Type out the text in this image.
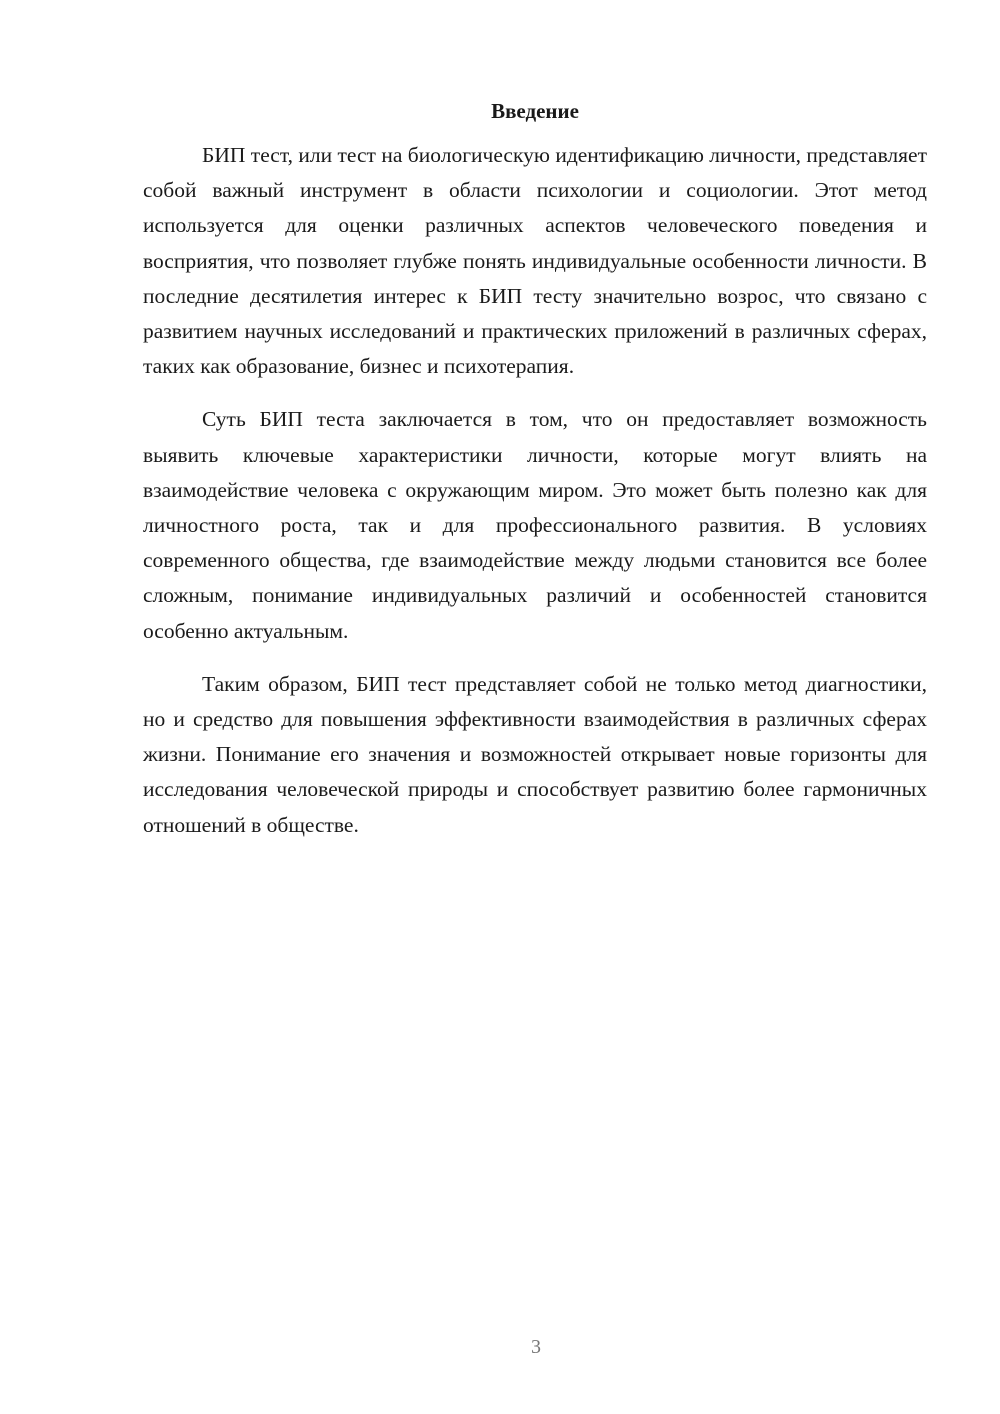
Введение

БИП тест, или тест на биологическую идентификацию личности, представляет собой важный инструмент в области психологии и социологии. Этот метод используется для оценки различных аспектов человеческого поведения и восприятия, что позволяет глубже понять индивидуальные особенности личности. В последние десятилетия интерес к БИП тесту значительно возрос, что связано с развитием научных исследований и практических приложений в различных сферах, таких как образование, бизнес и психотерапия.

Суть БИП теста заключается в том, что он предоставляет возможность выявить ключевые характеристики личности, которые могут влиять на взаимодействие человека с окружающим миром. Это может быть полезно как для личностного роста, так и для профессионального развития. В условиях современного общества, где взаимодействие между людьми становится все более сложным, понимание индивидуальных различий и особенностей становится особенно актуальным.

Таким образом, БИП тест представляет собой не только метод диагностики, но и средство для повышения эффективности взаимодействия в различных сферах жизни. Понимание его значения и возможностей открывает новые горизонты для исследования человеческой природы и способствует развитию более гармоничных отношений в обществе.

3
